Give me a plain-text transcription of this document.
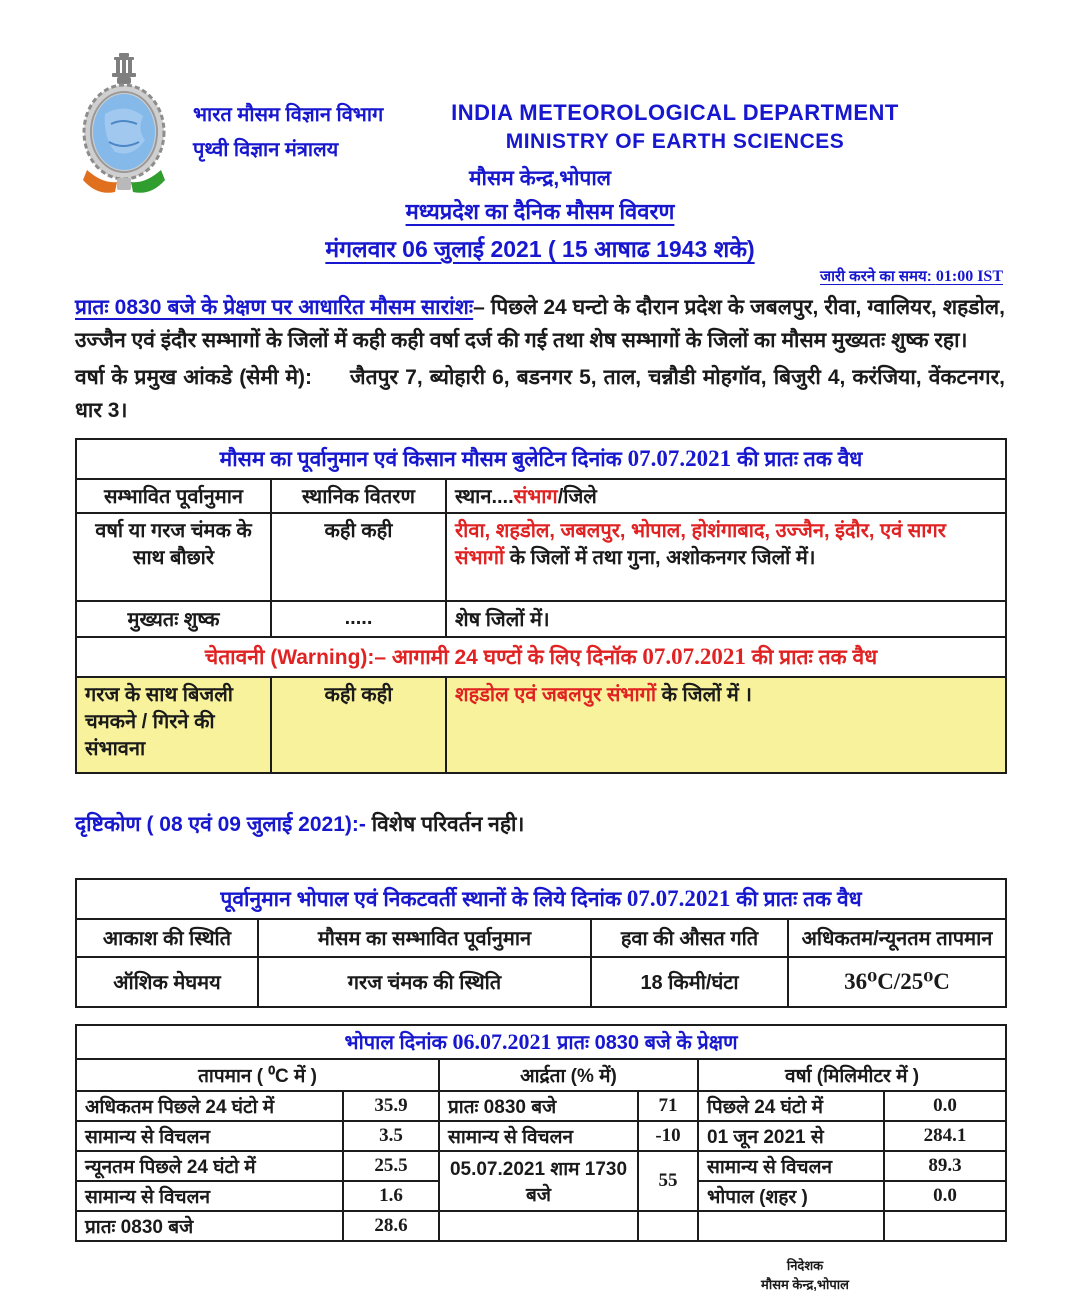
भारत मौसम विज्ञान विभाग
पृथ्वी विज्ञान मंत्रालय
INDIA METEOROLOGICAL DEPARTMENT
MINISTRY OF EARTH SCIENCES
मौसम केन्द्र,भोपाल
मध्यप्रदेश का दैनिक मौसम विवरण
मंगलवार 06 जुलाई 2021 ( 15 आषाढ 1943 शके)
जारी करने का समय: 01:00 IST
प्रातः 0830 बजे के प्रेक्षण पर आधारित मौसम सारांशः– पिछले 24 घन्टो के दौरान प्रदेश के जबलपुर, रीवा, ग्वालियर, शहडोल, उज्जैन एवं इंदौर सम्भागों के जिलों में कही कही वर्षा दर्ज की गई तथा शेष सम्भागों के जिलों का मौसम मुख्यतः शुष्क रहा।
वर्षा के प्रमुख आंकडे (सेमी मे): जैतपुर 7, ब्योहारी 6, बडनगर 5, ताल, चन्नौडी मोहगॉव, बिजुरी 4, करंजिया, वेंकटनगर, धार 3।
मौसम का पूर्वानुमान एवं किसान मौसम बुलेटिन दिनांक 07.07.2021 की प्रातः तक वैध		
सम्भावित पूर्वानुमान	स्थानिक वितरण	स्थान....संभाग/जिले
वर्षा या गरज चंमक के साथ बौछारे	कही कही	रीवा, शहडोल, जबलपुर, भोपाल, होशंगाबाद, उज्जैन, इंदौर, एवं सागर संभागों के जिलों में तथा गुना, अशोकनगर जिलों में।
मुख्यतः शुष्क	.....	शेष जिलों में।
चेतावनी (Warning):– आगामी 24 घण्टों के लिए दिनॉक 07.07.2021 की प्रातः तक वैध		
गरज के साथ बिजली चमकने / गिरने की संभावना	कही कही	शहडोल एवं जबलपुर संभागों के जिलों में ।
दृष्टिकोण ( 08 एवं 09 जुलाई 2021):- विशेष परिवर्तन नही।
पूर्वानुमान भोपाल एवं निकटवर्ती स्थानों के लिये दिनांक 07.07.2021 की प्रातः तक वैध			
आकाश की स्थिति	मौसम का सम्भावित पूर्वानुमान	हवा की औसत गति	अधिकतम/न्यूनतम तापमान
ऑशिक मेघमय	गरज चंमक की स्थिति	18 किमी/घंटा	36⁰C/25⁰C
भोपाल दिनांक 06.07.2021 प्रातः 0830 बजे के प्रेक्षण					
तापमान ( ⁰C में )		आर्द्रता (% में)		वर्षा (मिलिमीटर में )	
अधिकतम पिछले 24 घंटो में	35.9	प्रातः 0830 बजे	71	पिछले 24 घंटो में	0.0
सामान्य से विचलन	3.5	सामान्य से विचलन	-10	01 जून 2021 से	284.1
न्यूनतम पिछले 24 घंटो में	25.5	05.07.2021 शाम 1730 बजे	55	सामान्य से विचलन	89.3
सामान्य से विचलन	1.6			भोपाल (शहर )	0.0
प्रातः 0830 बजे	28.6				
निदेशक
मौसम केन्द्र,भोपाल
